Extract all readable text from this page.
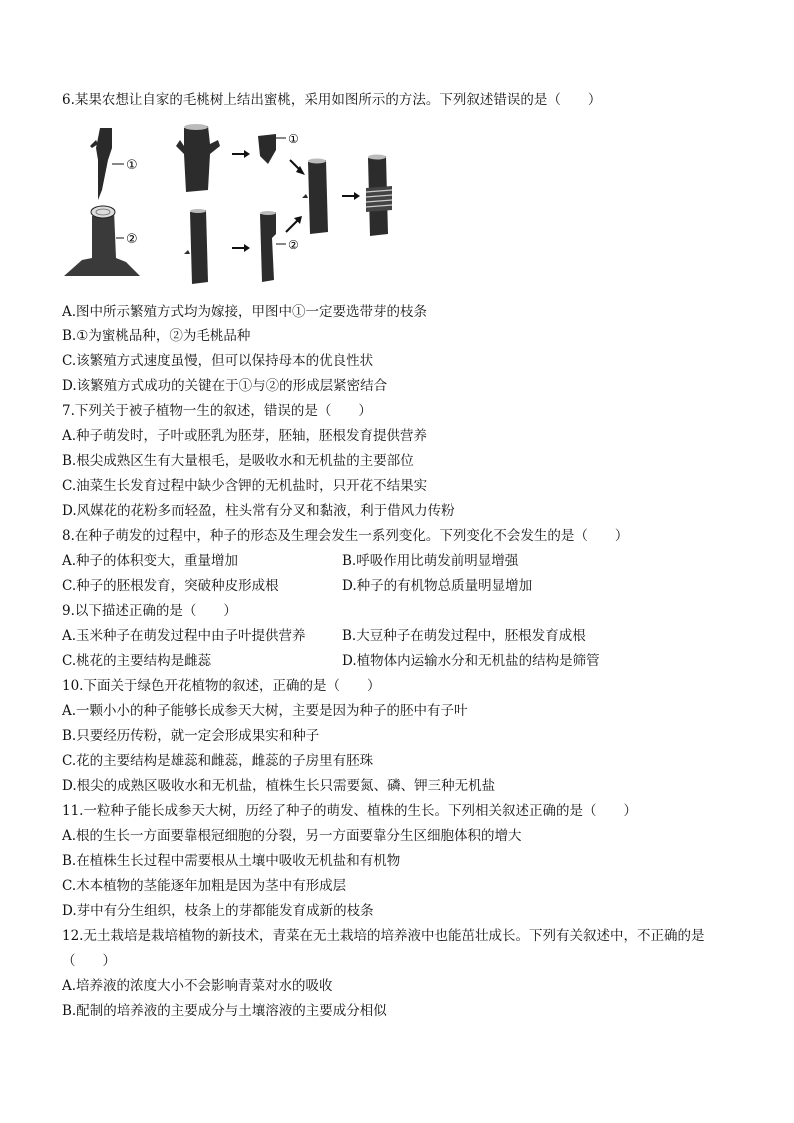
6.某果农想让自家的毛桃树上结出蜜桃，采用如图所示的方法。下列叙述错误的是（　　）
①
②
①
②
A.图中所示繁殖方式均为嫁接，甲图中①一定要选带芽的枝条
B.①为蜜桃品种，②为毛桃品种
C.该繁殖方式速度虽慢，但可以保持母本的优良性状
D.该繁殖方式成功的关键在于①与②的形成层紧密结合
7.下列关于被子植物一生的叙述，错误的是（　　）
A.种子萌发时，子叶或胚乳为胚芽，胚轴，胚根发育提供营养
B.根尖成熟区生有大量根毛，是吸收水和无机盐的主要部位
C.油菜生长发育过程中缺少含钾的无机盐时，只开花不结果实
D.风媒花的花粉多而轻盈，柱头常有分叉和黏液，利于借风力传粉
8.在种子萌发的过程中，种子的形态及生理会发生一系列变化。下列变化不会发生的是（　　）
A.种子的体积变大，重量增加	B.呼吸作用比萌发前明显增强
C.种子的胚根发育，突破种皮形成根	D.种子的有机物总质量明显增加
9.以下描述正确的是（　　）
A.玉米种子在萌发过程中由子叶提供营养	B.大豆种子在萌发过程中，胚根发育成根
C.桃花的主要结构是雌蕊	D.植物体内运输水分和无机盐的结构是筛管
10.下面关于绿色开花植物的叙述，正确的是（　　）
A.一颗小小的种子能够长成参天大树，主要是因为种子的胚中有子叶
B.只要经历传粉，就一定会形成果实和种子
C.花的主要结构是雄蕊和雌蕊，雌蕊的子房里有胚珠
D.根尖的成熟区吸收水和无机盐，植株生长只需要氮、磷、钾三种无机盐
11.一粒种子能长成参天大树，历经了种子的萌发、植株的生长。下列相关叙述正确的是（　　）
A.根的生长一方面要靠根冠细胞的分裂，另一方面要靠分生区细胞体积的增大
B.在植株生长过程中需要根从土壤中吸收无机盐和有机物
C.木本植物的茎能逐年加粗是因为茎中有形成层
D.芽中有分生组织，枝条上的芽都能发育成新的枝条
12.无土栽培是栽培植物的新技术，青菜在无土栽培的培养液中也能茁壮成长。下列有关叙述中，不正确的是
（　　）
A.培养液的浓度大小不会影响青菜对水的吸收
B.配制的培养液的主要成分与土壤溶液的主要成分相似
